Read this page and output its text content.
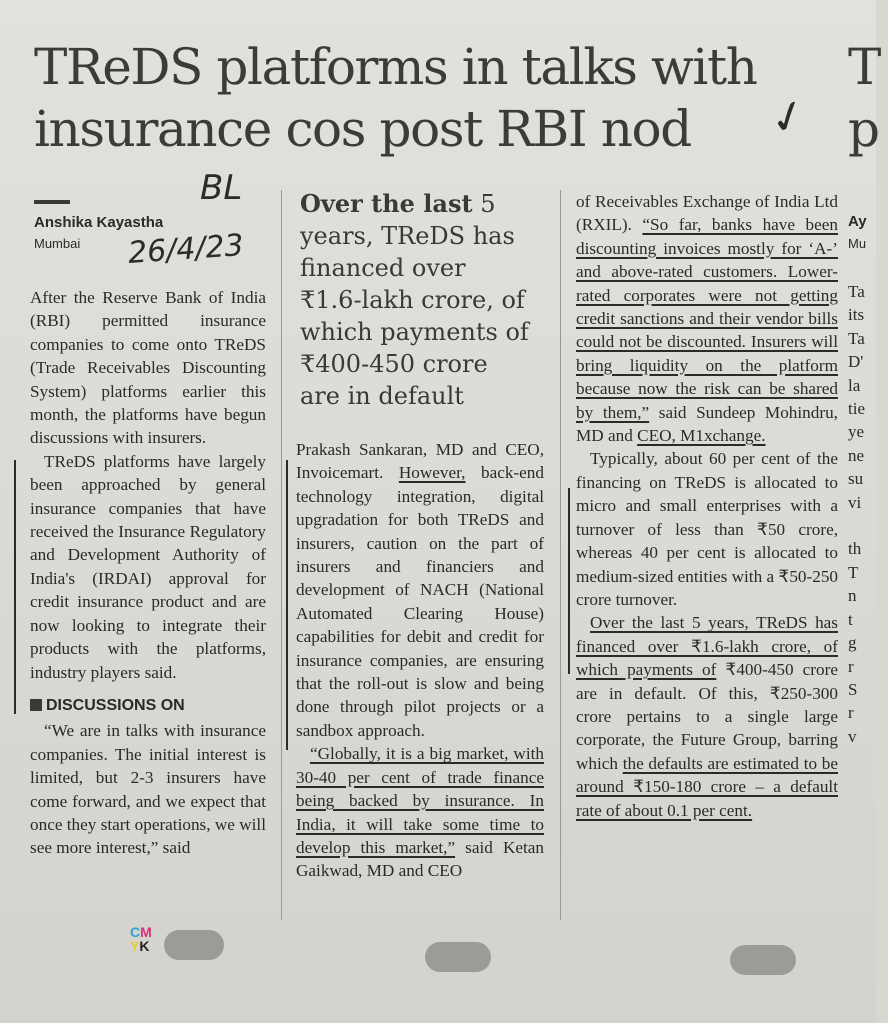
TReDS platforms in talks with insurance cos post RBI nod
T p
BL
26/4/23
✓
Anshika Kayastha
Mumbai

After the Reserve Bank of India (RBI) permitted insurance companies to come onto TReDS (Trade Receivables Discounting System) platforms earlier this month, the platforms have begun discussions with insurers.

TReDS platforms have largely been approached by general insurance companies that have received the Insurance Regulatory and Development Authority of India's (IRDAI) approval for credit insurance product and are now looking to integrate their products with the platforms, industry players said.

DISCUSSIONS ON

“We are in talks with insurance companies. The initial interest is limited, but 2-3 insurers have come forward, and we expect that once they start operations, we will see more interest,” said

Over the last 5 years, TReDS has financed over ₹1.6-lakh crore, of which payments of ₹400-450 crore are in default

Prakash Sankaran, MD and CEO, Invoicemart. However, back-end technology integration, digital upgradation for both TReDS and insurers, caution on the part of insurers and financiers and development of NACH (National Automated Clearing House) capabilities for debit and credit for insurance companies, are ensuring that the roll-out is slow and being done through pilot projects or a sandbox approach.

“Globally, it is a big market, with 30-40 per cent of trade finance being backed by insurance. In India, it will take some time to develop this market,” said Ketan Gaikwad, MD and CEO

of Receivables Exchange of India Ltd (RXIL). “So far, banks have been discounting invoices mostly for ‘A-’ and above-rated customers. Lower-rated corporates were not getting credit sanctions and their vendor bills could not be discounted. Insurers will bring liquidity on the platform because now the risk can be shared by them,” said Sundeep Mohindru, MD and CEO, M1xchange.

Typically, about 60 per cent of the financing on TReDS is allocated to micro and small enterprises with a turnover of less than ₹50 crore, whereas 40 per cent is allocated to medium-sized entities with a ₹50-250 crore turnover.

Over the last 5 years, TReDS has financed over ₹1.6-lakh crore, of which payments of ₹400-450 crore are in default. Of this, ₹250-300 crore pertains to a single large corporate, the Future Group, barring which the defaults are estimated to be around ₹150-180 crore – a default rate of about 0.1 per cent.

Ay
Mu
Ta
its
Ta
D'
la
tie
ye
ne
su
vi

th
T
n
t
g
r
S
r
v
CM
YK
